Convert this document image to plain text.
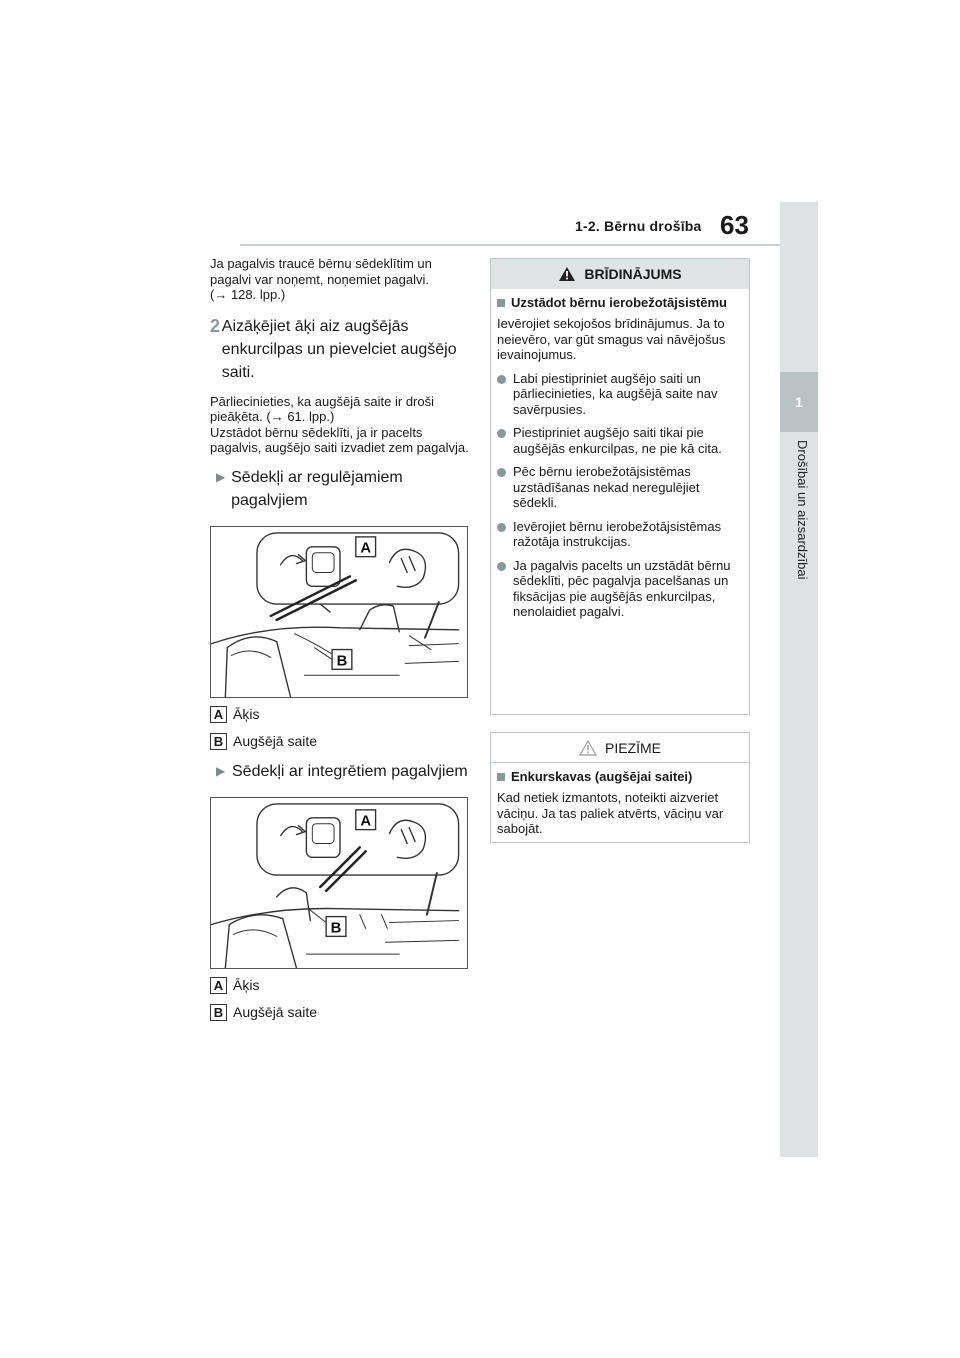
1-2. Bērnu drošība 63
1
Drošībai un aizsardzībai

Ja pagalvis traucē bērnu sēdeklītim un pagalvi var noņemt, noņemiet pagalvi.
(→ 128. lpp.)

2 Aizāķējiet āķi aiz augšējās enkurcilpas un pievelciet augšējo saiti.

Pārliecinieties, ka augšējā saite ir droši pieāķēta. (→ 61. lpp.)

Uzstādot bērnu sēdeklīti, ja ir pacelts pagalvis, augšējo saiti izvadiet zem pagalvja.

▶ Sēdekļi ar regulējamiem pagalvjiem
A
B
A Āķis
B Augšējā saite
▶ Sēdekļi ar integrētiem pagalvjiem
A
B
A Āķis
B Augšējā saite
BRĪDINĀJUMS
Uzstādot bērnu ierobežotājsistēmu

Ievērojiet sekojošos brīdinājumus. Ja to neievēro, var gūt smagus vai nāvējošus ievainojumus.

Labi piestipriniet augšējo saiti un pārliecinieties, ka augšējā saite nav savērpusies.
Piestipriniet augšējo saiti tikai pie augšējās enkurcilpas, ne pie kā cita.
Pēc bērnu ierobežotājsistēmas uzstādīšanas nekad neregulējiet sēdekli.
Ievērojiet bērnu ierobežotājsistēmas ražotāja instrukcijas.
Ja pagalvis pacelts un uzstādāt bērnu sēdeklīti, pēc pagalvja pacelšanas un fiksācijas pie augšējās enkurcilpas, nenolaidiet pagalvi.
PIEZĪME
Enkurskavas (augšējai saitei)

Kad netiek izmantots, noteikti aizveriet vāciņu. Ja tas paliek atvērts, vāciņu var sabojāt.
